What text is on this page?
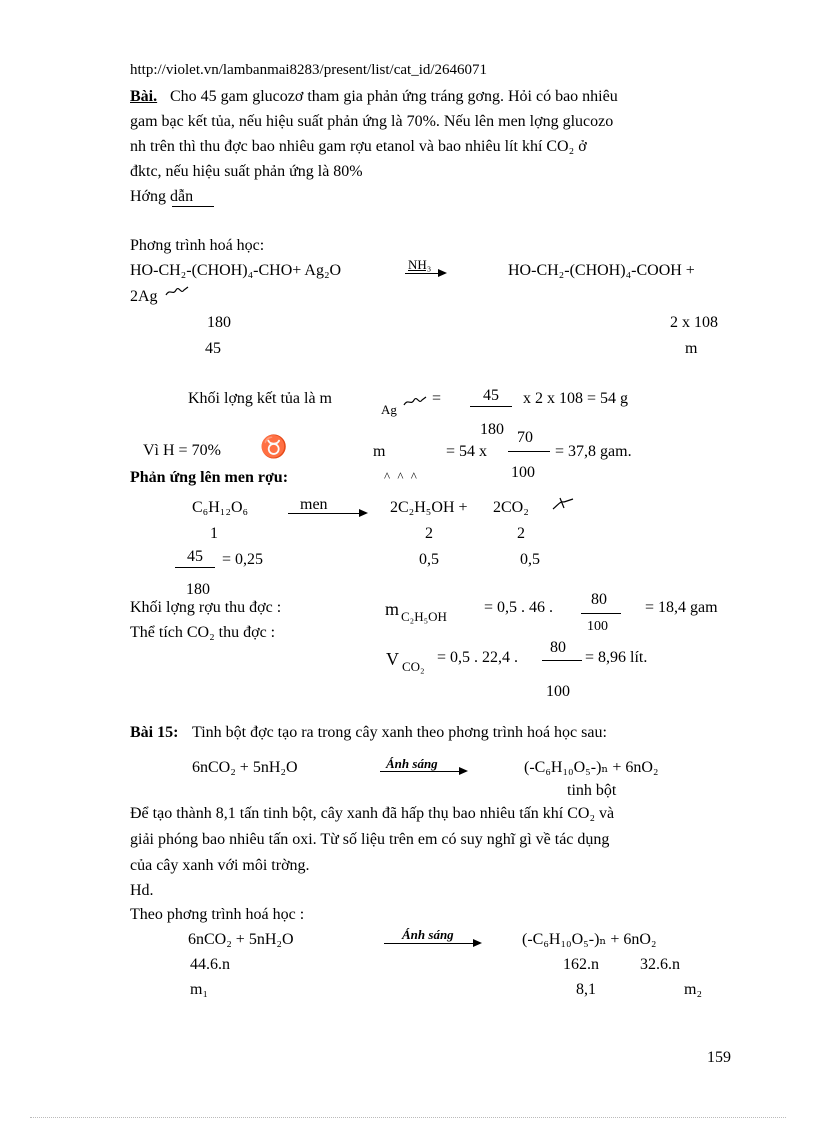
http://violet.vn/lambanmai8283/present/list/cat_id/2646071
Bài. Cho 45 gam glucozơ tham gia phản ứng tráng gơng. Hỏi có bao nhiêu
gam bạc kết tủa, nếu hiệu suất phản ứng là 70%. Nếu lên men lợng glucozo
nh trên thì thu đợc bao nhiêu gam rợu etanol và bao nhiêu lít khí CO₂ ở
đktc, nếu hiệu suất phản ứng là 80%
Hớng dẫn
Phơng trình hoá học:
HO-CH₂-(CHOH)₄-CHO+ Ag₂O	NH₃	HO-CH₂-(CHOH)₄-COOH +
2Ag
180	2 x 108
45	m
Khối lợng kết tủa là m
Ag
=	45 x 2 x 108 = 54 g
180
Vì H = 70% ♉	m	= 54 x
70
100
= 37,8 gam.
Phản ứng lên men rợu:	^ ^ ^
C₆H₁₂O₆	men	2C₂H₅OH + 2CO₂
1	2	2
45 = 0,25	0,5	0,5
180
Khối lợng rợu thu đợc :	m C₂H₅OH
= 0,5 . 46 . 80 = 18,4 gam
100
Thể tích CO₂ thu đợc :
V CO₂
= 0,5 . 22,4 .
80
= 8,96 lít.
100
Bài 15: Tinh bột đợc tạo ra trong cây xanh theo phơng trình hoá học sau:
6nCO₂ + 5nH₂O	Ánh sáng	(-C₆H₁₀O₅-)ₙ + 6nO₂
tinh bột
Để tạo thành 8,1 tấn tinh bột, cây xanh đã hấp thụ bao nhiêu tấn khí CO₂ và
giải phóng bao nhiêu tấn oxi. Từ số liệu trên em có suy nghĩ gì về tác dụng
của cây xanh với môi trờng.
Hd.
Theo phơng trình hoá học :
6nCO₂ + 5nH₂O	Ánh sáng	(-C₆H₁₀O₅-)ₙ + 6nO₂
44.6.n	162.n	32.6.n
m₁	8,1	m₂
159
